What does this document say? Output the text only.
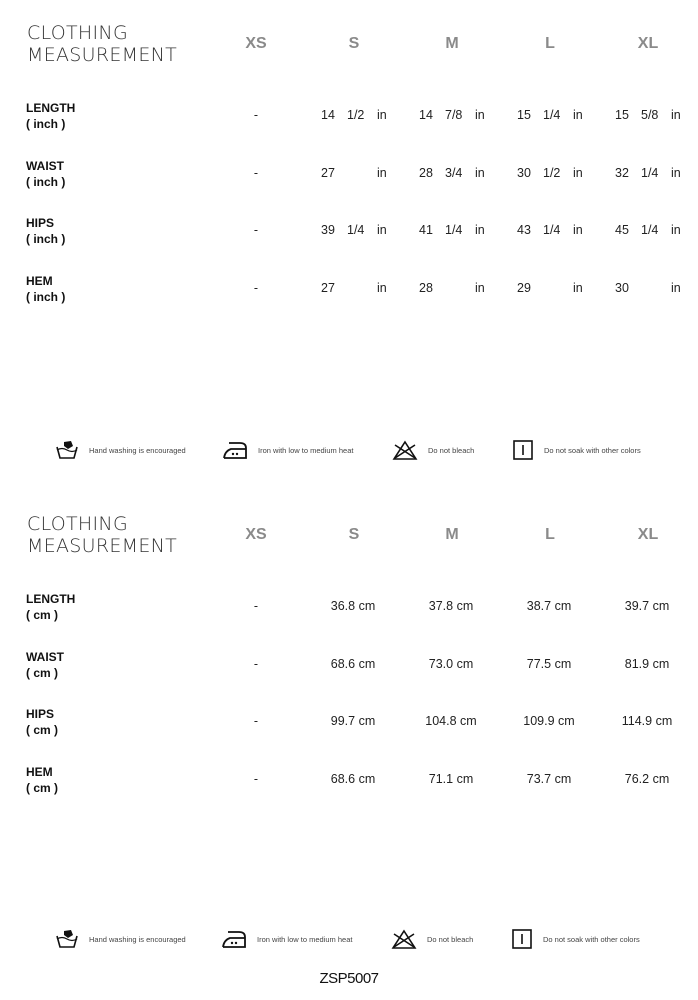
CLOTHING
MEASUREMENT
XS	S	M	L	XL
LENGTH
( inch )
-	14 1/2	in	14 7/8	in	15 1/4	in	15 5/8	in
WAIST
( inch )
-	27	in	28 3/4	in	30 1/2	in	32 1/4	in
HIPS
( inch )
-	39 1/4	in	41 1/4	in	43 1/4	in	45 1/4	in
HEM
( inch )
-	27	in	28	in	29	in	30	in
Hand washing is encouraged	Iron with low to medium heat	Do not bleach	Do not soak with other colors
CLOTHING
MEASUREMENT
XS	S	M	L	XL
LENGTH
( cm )
-	36.8 cm	37.8 cm	38.7 cm	39.7 cm
WAIST
( cm )
-	68.6 cm	73.0 cm	77.5 cm	81.9 cm
HIPS
( cm )
-	99.7 cm	104.8 cm	109.9 cm	114.9 cm
HEM
( cm )
-	68.6 cm	71.1 cm	73.7 cm	76.2 cm
Hand washing is encouraged	Iron with low to medium heat	Do not bleach	Do not soak with other colors
ZSP5007
